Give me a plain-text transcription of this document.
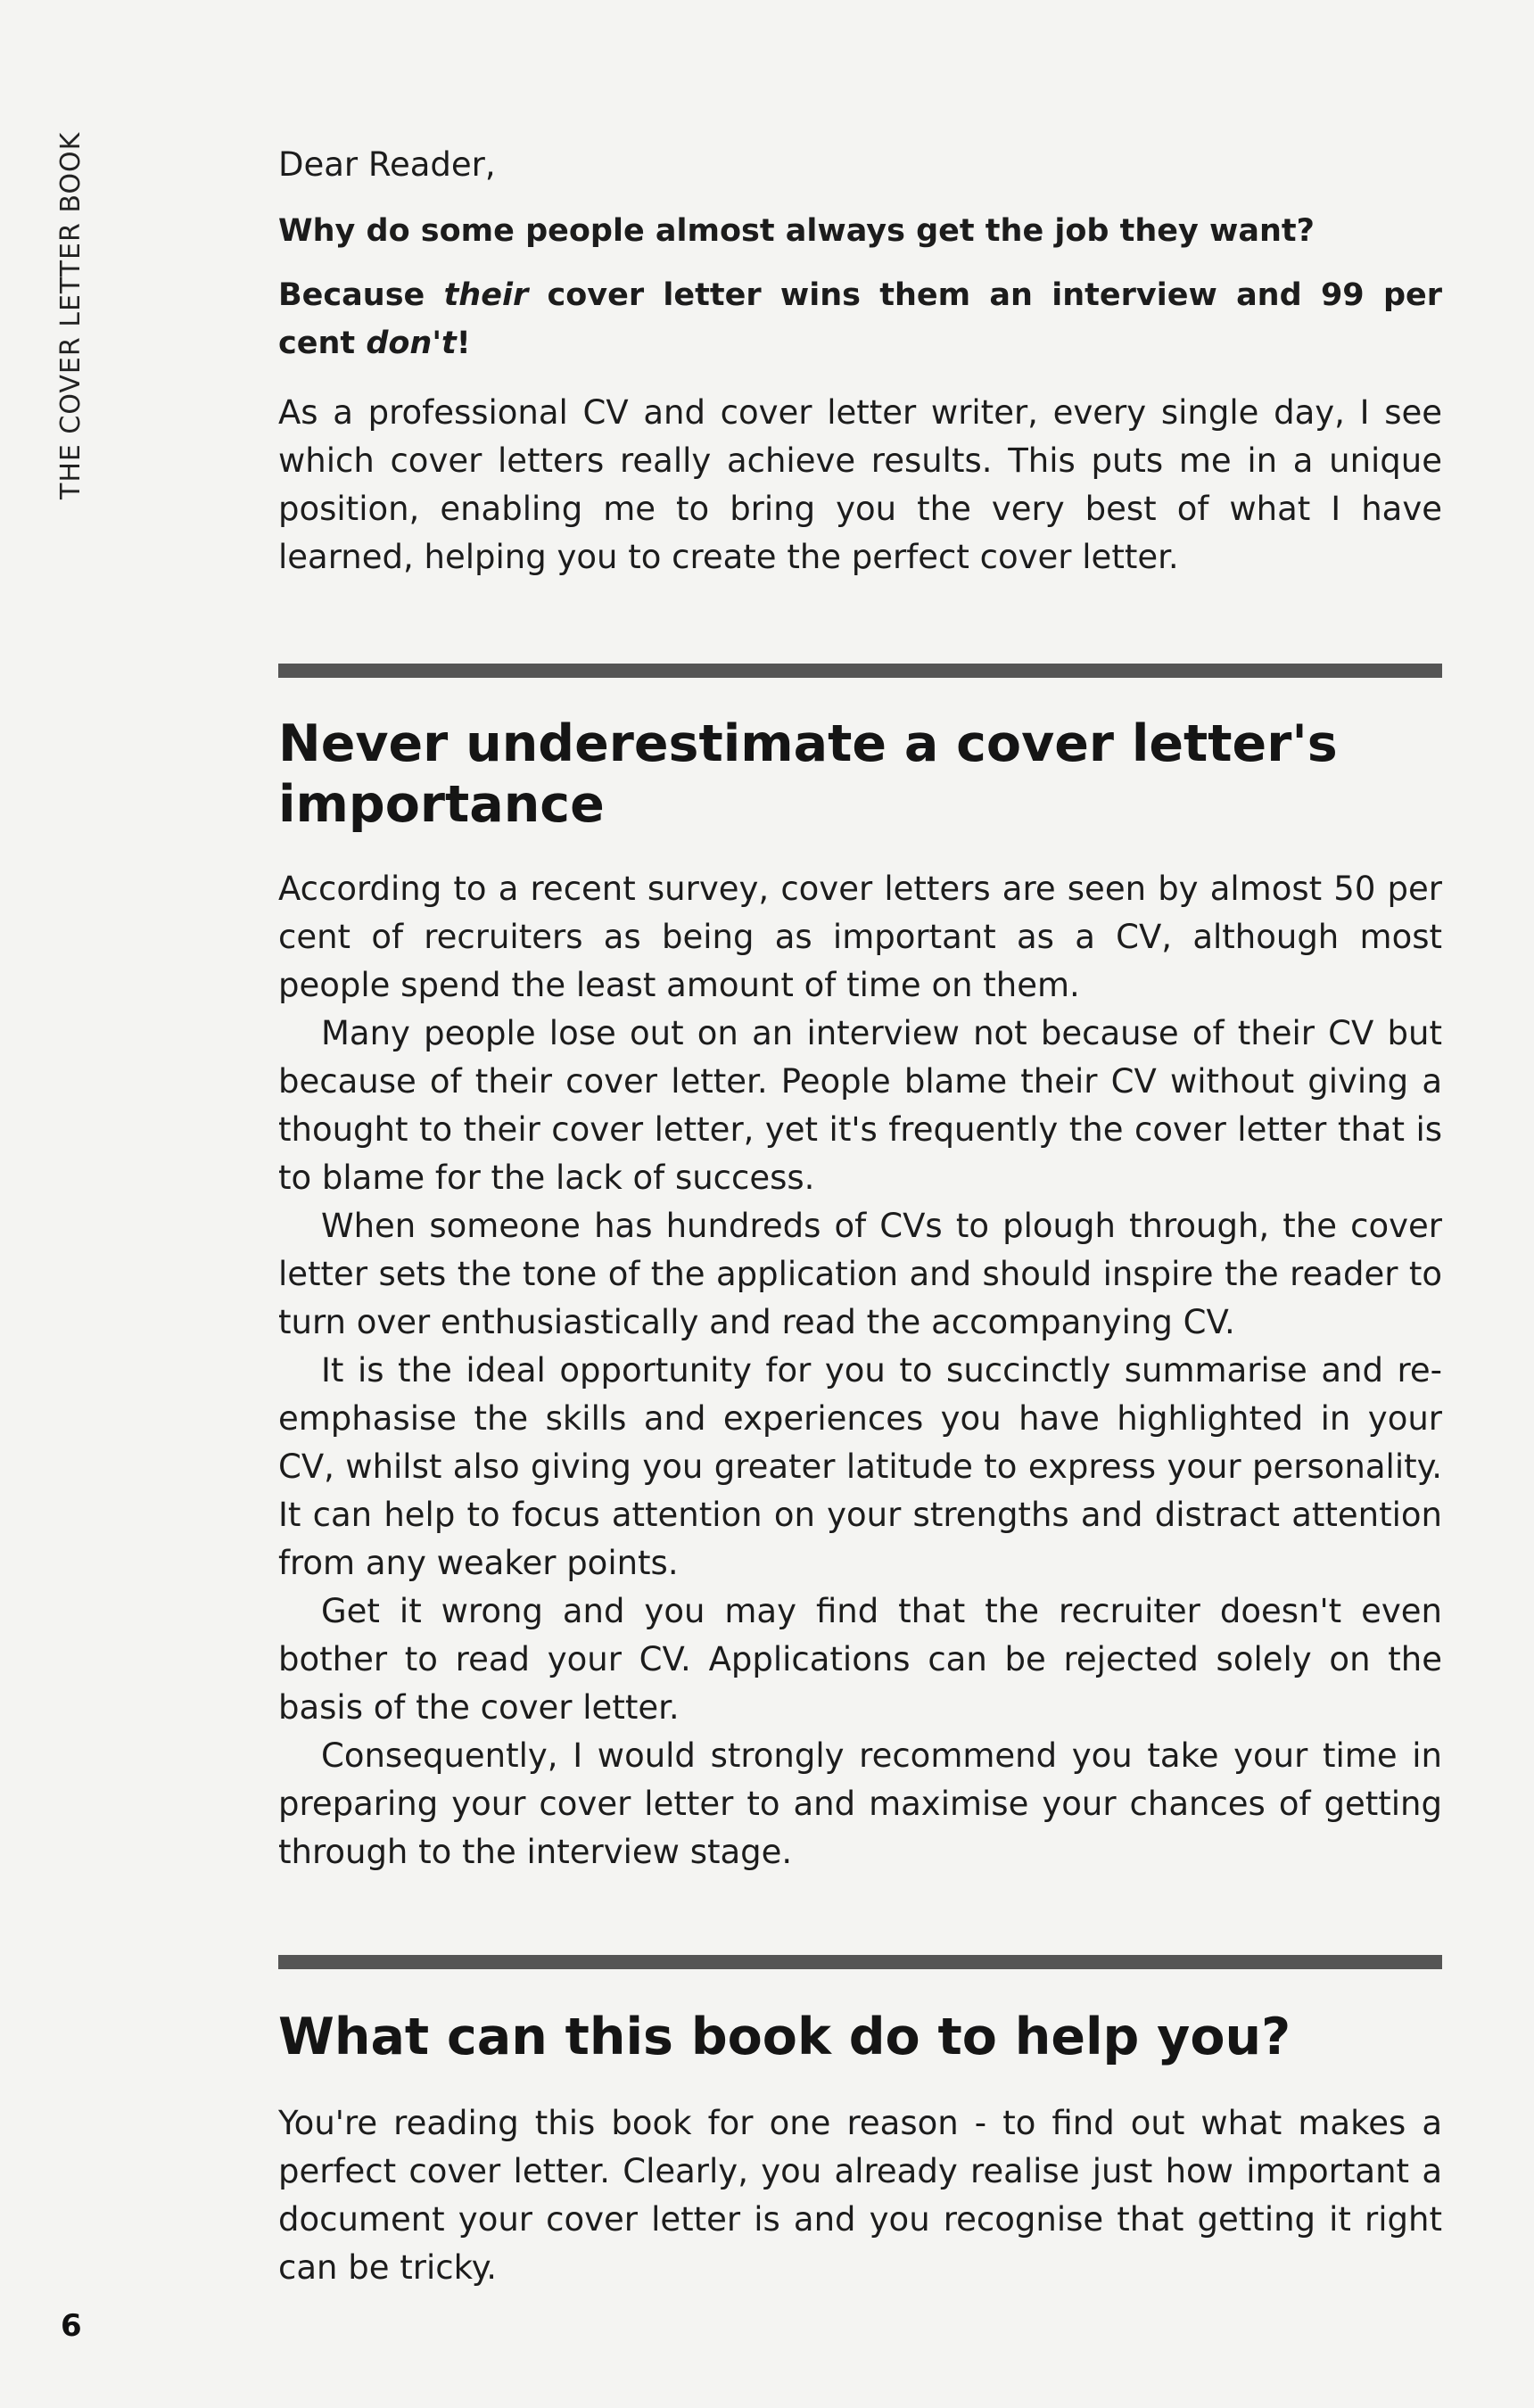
THE COVER LETTER BOOK	Dear Reader,

Why do some people almost always get the job they want?

Because their cover letter wins them an interview and 99 per cent don't!

As a professional CV and cover letter writer, every single day, I see which cover letters really achieve results. This puts me in a unique position, enabling me to bring you the very best of what I have learned, helping you to create the perfect cover letter.

Never underestimate a cover letter's importance

According to a recent survey, cover letters are seen by almost 50 per cent of recruiters as being as important as a CV, although most people spend the least amount of time on them.

Many people lose out on an interview not because of their CV but because of their cover letter. People blame their CV without giving a thought to their cover letter, yet it's frequently the cover letter that is to blame for the lack of success.

When someone has hundreds of CVs to plough through, the cover letter sets the tone of the application and should inspire the reader to turn over enthusiastically and read the accompanying CV.

It is the ideal opportunity for you to succinctly summarise and re-emphasise the skills and experiences you have highlighted in your CV, whilst also giving you greater latitude to express your personality. It can help to focus attention on your strengths and distract attention from any weaker points.

Get it wrong and you may find that the recruiter doesn't even bother to read your CV. Applications can be rejected solely on the basis of the cover letter.

Consequently, I would strongly recommend you take your time in preparing your cover letter to and maximise your chances of getting through to the interview stage.

What can this book do to help you?

You're reading this book for one reason - to find out what makes a perfect cover letter. Clearly, you already realise just how important a document your cover letter is and you recognise that getting it right can be tricky.

6
